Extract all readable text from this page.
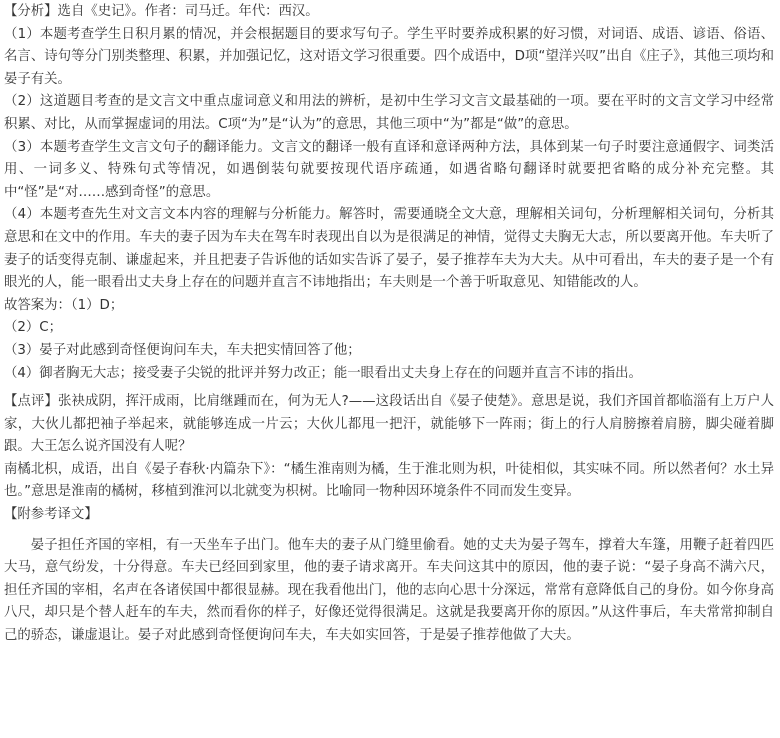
【分析】选自《史记》。作者：司马迁。年代：西汉。

（1）本题考查学生日积月累的情况，并会根据题目的要求写句子。学生平时要养成积累的好习惯，对词语、成语、谚语、俗语、名言、诗句等分门别类整理、积累，并加强记忆，这对语文学习很重要。四个成语中，D项“望洋兴叹”出自《庄子》，其他三项均和晏子有关。

（2）这道题目考查的是文言文中重点虚词意义和用法的辨析，是初中生学习文言文最基础的一项。要在平时的文言文学习中经常积累、对比，从而掌握虚词的用法。C项“为”是“认为”的意思，其他三项中“为”都是“做”的意思。

（3）本题考查学生文言文句子的翻译能力。文言文的翻译一般有直译和意译两种方法，具体到某一句子时要注意通假字、词类活用、一词多义、特殊句式等情况，如遇倒装句就要按现代语序疏通，如遇省略句翻译时就要把省略的成分补充完整。其中“怪”是“对……感到奇怪”的意思。

（4）本题考查先生对文言文本内容的理解与分析能力。解答时，需要通晓全文大意，理解相关词句，分析理解相关词句，分析其意思和在文中的作用。车夫的妻子因为车夫在驾车时表现出自以为是很满足的神情，觉得丈夫胸无大志，所以要离开他。车夫听了妻子的话变得克制、谦虚起来，并且把妻子告诉他的话如实告诉了晏子，晏子推荐车夫为大夫。从中可看出，车夫的妻子是一个有眼光的人，能一眼看出丈夫身上存在的问题并直言不讳地指出；车夫则是一个善于听取意见、知错能改的人。

故答案为：（1）D；

（2）C；

（3）晏子对此感到奇怪便询问车夫，车夫把实情回答了他；

（4）御者胸无大志；接受妻子尖锐的批评并努力改正；能一眼看出丈夫身上存在的问题并直言不讳的指出。

【点评】张袂成阴，挥汗成雨，比肩继踵而在，何为无人?——这段话出自《晏子使楚》。意思是说，我们齐国首都临淄有上万户人家，大伙儿都把袖子举起来，就能够连成一片云；大伙儿都甩一把汗，就能够下一阵雨；街上的行人肩膀擦着肩膀，脚尖碰着脚跟。大王怎么说齐国没有人呢？

南橘北枳，成语，出自《晏子春秋·内篇杂下》：“橘生淮南则为橘，生于淮北则为枳，叶徒相似，其实味不同。所以然者何？水土异也。”意思是淮南的橘树，移植到淮河以北就变为枳树。比喻同一物种因环境条件不同而发生变异。

【附参考译文】

晏子担任齐国的宰相，有一天坐车子出门。他车夫的妻子从门缝里偷看。她的丈夫为晏子驾车，撑着大车篷，用鞭子赶着四匹大马，意气纷发，十分得意。车夫已经回到家里，他的妻子请求离开。车夫问这其中的原因，他的妻子说：“晏子身高不满六尺，担任齐国的宰相，名声在各诸侯国中都很显赫。现在我看他出门，他的志向心思十分深远，常常有意降低自己的身份。如今你身高八尺，却只是个替人赶车的车夫，然而看你的样子，好像还觉得很满足。这就是我要离开你的原因。”从这件事后，车夫常常抑制自己的骄态，谦虚退让。晏子对此感到奇怪便询问车夫，车夫如实回答，于是晏子推荐他做了大夫。
